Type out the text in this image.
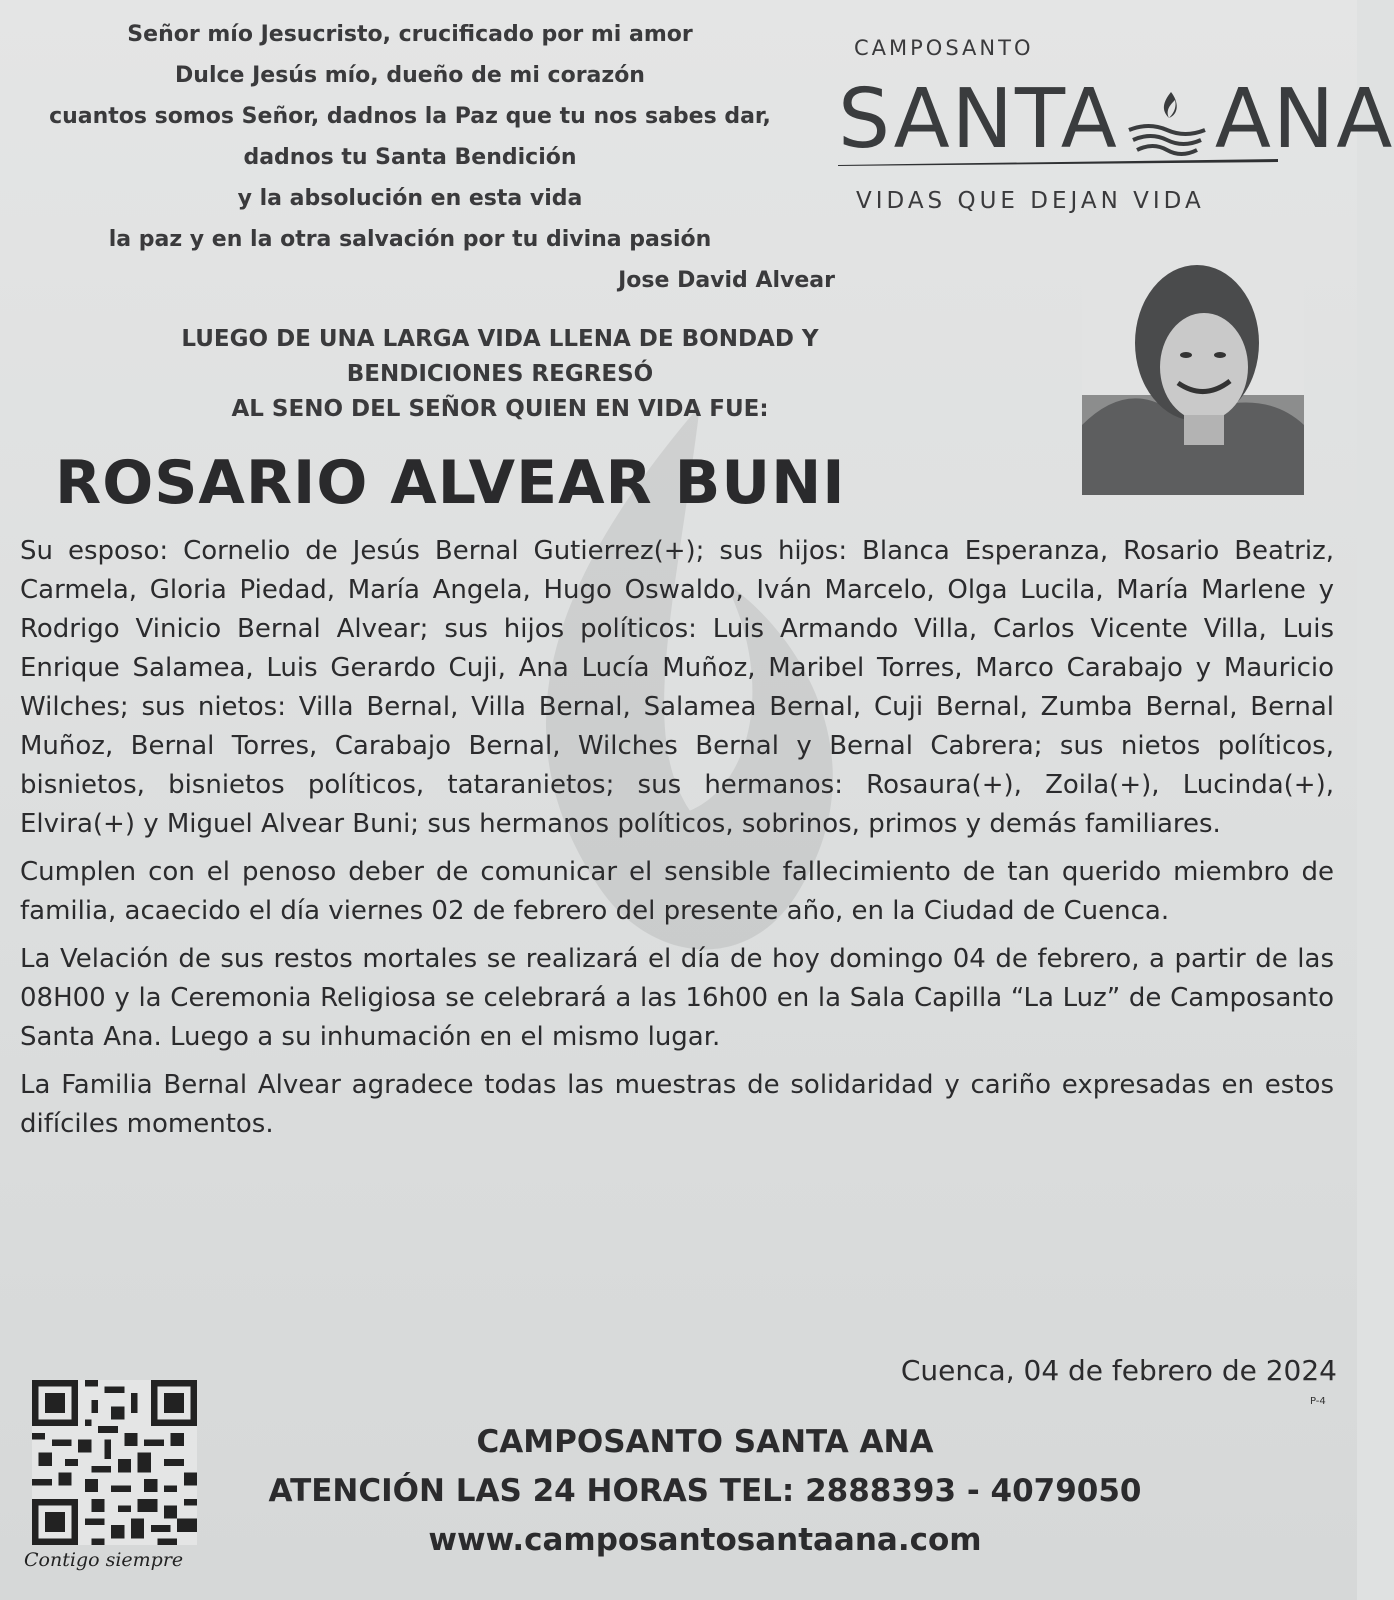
Señor mío Jesucristo, crucificado por mi amor
Dulce Jesús mío, dueño de mi corazón
cuantos somos Señor, dadnos la Paz que tu nos sabes dar,
dadnos tu Santa Bendición
y la absolución en esta vida
la paz y en la otra salvación por tu divina pasión
Jose David Alvear
CAMPOSANTO
SANTA ANA
VIDAS QUE DEJAN VIDA
LUEGO DE UNA LARGA VIDA LLENA DE BONDAD Y
BENDICIONES REGRESÓ
AL SENO DEL SEÑOR QUIEN EN VIDA FUE:
ROSARIO ALVEAR BUNI

Su esposo: Cornelio de Jesús Bernal Gutierrez(+); sus hijos: Blanca Esperanza, Rosario Beatriz, Carmela, Gloria Piedad, María Angela, Hugo Oswaldo, Iván Marcelo, Olga Lucila, María Marlene y Rodrigo Vinicio Bernal Alvear; sus hijos políticos: Luis Armando Villa, Carlos Vicente Villa, Luis Enrique Salamea, Luis Gerardo Cuji, Ana Lucía Muñoz, Maribel Torres, Marco Carabajo y Mauricio Wilches; sus nietos: Villa Bernal, Villa Bernal, Salamea Bernal, Cuji Bernal, Zumba Bernal, Bernal Muñoz, Bernal Torres, Carabajo Bernal, Wilches Bernal y Bernal Cabrera; sus nietos políticos, bisnietos, bisnietos políticos, tataranietos; sus hermanos: Rosaura(+), Zoila(+), Lucinda(+), Elvira(+) y Miguel Alvear Buni; sus hermanos políticos, sobrinos, primos y demás familiares.

Cumplen con el penoso deber de comunicar el sensible fallecimiento de tan querido miembro de familia, acaecido el día viernes 02 de febrero del presente año, en la Ciudad de Cuenca.

La Velación de sus restos mortales se realizará el día de hoy domingo 04 de febrero, a partir de las 08H00 y la Ceremonia Religiosa se celebrará a las 16h00 en la Sala Capilla “La Luz” de Camposanto Santa Ana. Luego a su inhumación en el mismo lugar.

La Familia Bernal Alvear agradece todas las muestras de solidaridad y cariño expresadas en estos difíciles momentos.

Cuenca, 04 de febrero de 2024
P-4
Contigo siempre
CAMPOSANTO SANTA ANA
ATENCIÓN LAS 24 HORAS TEL: 2888393 - 4079050
www.camposantosantaana.com
